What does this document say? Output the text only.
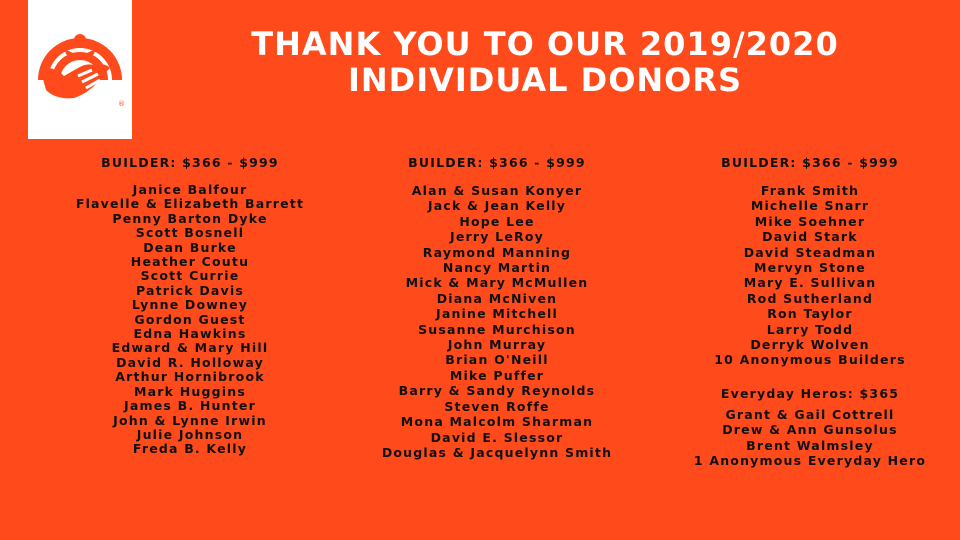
®
THANK YOU TO OUR 2019/2020
INDIVIDUAL DONORS
BUILDER: $366 - $999
Janice Balfour
Flavelle & Elizabeth Barrett
Penny Barton Dyke
Scott Bosnell
Dean Burke
Heather Coutu
Scott Currie
Patrick Davis
Lynne Downey
Gordon Guest
Edna Hawkins
Edward & Mary Hill
David R. Holloway
Arthur Hornibrook
Mark Huggins
James B. Hunter
John & Lynne Irwin
Julie Johnson
Freda B. Kelly
BUILDER: $366 - $999
Alan & Susan Konyer
Jack & Jean Kelly
Hope Lee
Jerry LeRoy
Raymond Manning
Nancy Martin
Mick & Mary McMullen
Diana McNiven
Janine Mitchell
Susanne Murchison
John Murray
Brian O'Neill
Mike Puffer
Barry & Sandy Reynolds
Steven Roffe
Mona Malcolm Sharman
David E. Slessor
Douglas & Jacquelynn Smith
BUILDER: $366 - $999
Frank Smith
Michelle Snarr
Mike Soehner
David Stark
David Steadman
Mervyn Stone
Mary E. Sullivan
Rod Sutherland
Ron Taylor
Larry Todd
Derryk Wolven
10 Anonymous Builders
Everyday Heros: $365
Grant & Gail Cottrell
Drew & Ann Gunsolus
Brent Walmsley
1 Anonymous Everyday Hero
